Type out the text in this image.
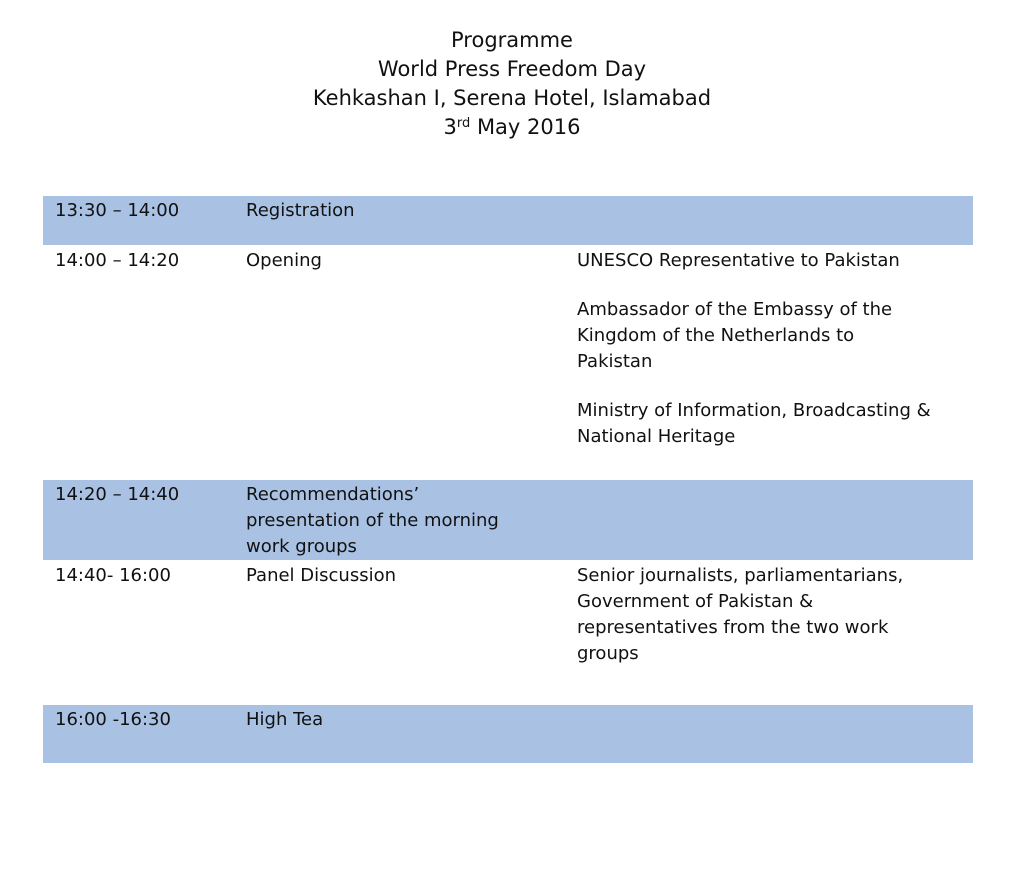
Programme
World Press Freedom Day
Kehkashan I, Serena Hotel, Islamabad
3rd May 2016
13:30 – 14:00	Registration
14:00 – 14:20	Opening	UNESCO Representative to Pakistan
Ambassador of the Embassy of the
Kingdom of the Netherlands to
Pakistan
Ministry of Information, Broadcasting &
National Heritage
14:20 – 14:40	Recommendations’
presentation of the morning
work groups
14:40- 16:00	Panel Discussion	Senior journalists, parliamentarians,
Government of Pakistan &
representatives from the two work
groups
16:00 -16:30	High Tea
